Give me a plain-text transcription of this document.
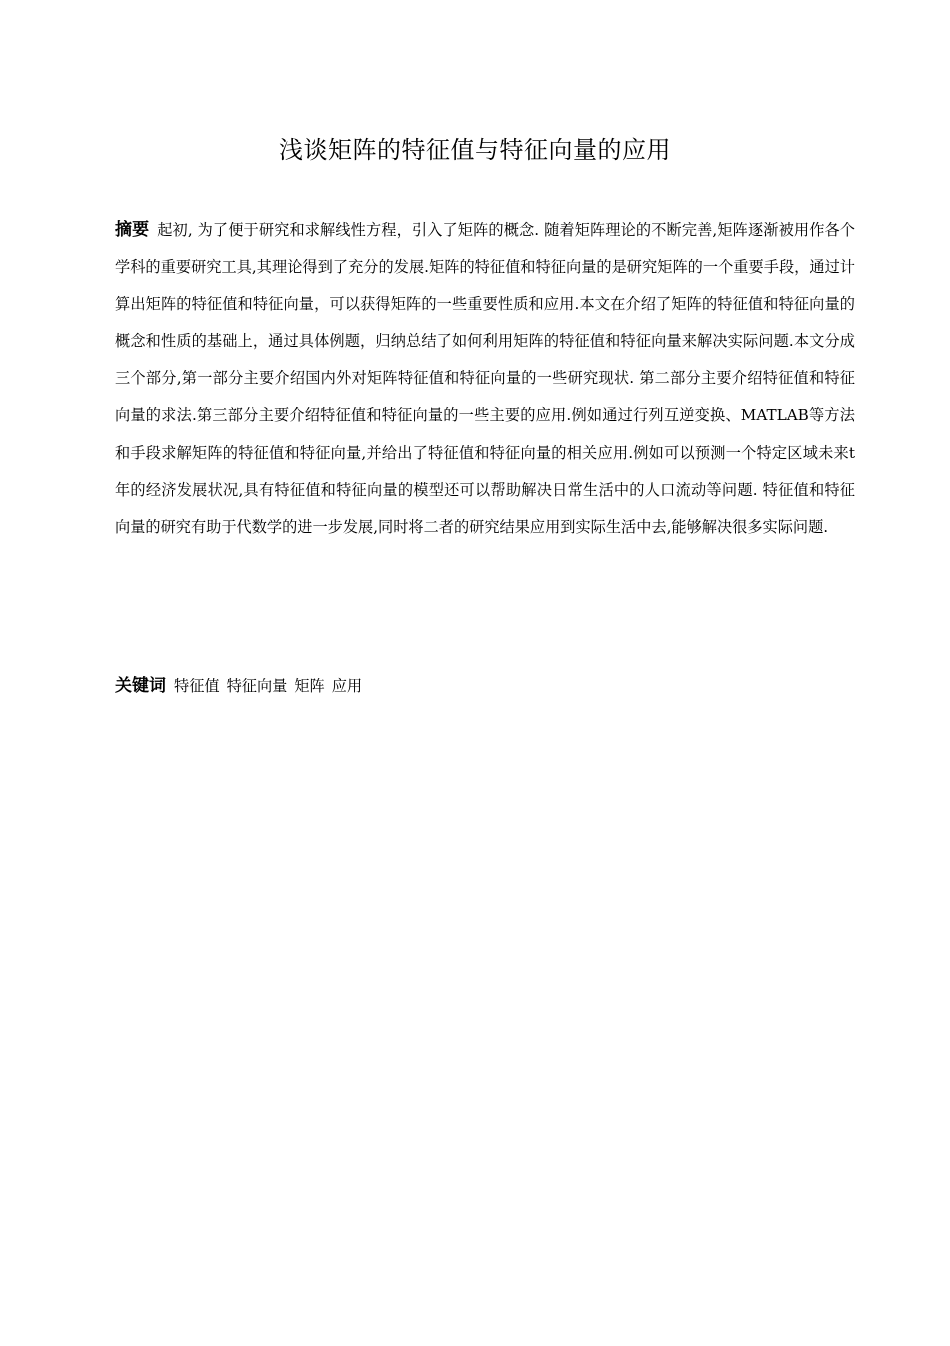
浅谈矩阵的特征值与特征向量的应用
摘要 起初, 为了便于研究和求解线性方程，引入了矩阵的概念. 随着矩阵理论的不断完善,矩阵逐渐被用作各个学科的重要研究工具,其理论得到了充分的发展.矩阵的特征值和特征向量的是研究矩阵的一个重要手段，通过计算出矩阵的特征值和特征向量，可以获得矩阵的一些重要性质和应用.本文在介绍了矩阵的特征值和特征向量的概念和性质的基础上，通过具体例题，归纳总结了如何利用矩阵的特征值和特征向量来解决实际问题.本文分成三个部分,第一部分主要介绍国内外对矩阵特征值和特征向量的一些研究现状. 第二部分主要介绍特征值和特征向量的求法.第三部分主要介绍特征值和特征向量的一些主要的应用.例如通过行列互逆变换、MATLAB等方法和手段求解矩阵的特征值和特征向量,并给出了特征值和特征向量的相关应用.例如可以预测一个特定区域未来t年的经济发展状况,具有特征值和特征向量的模型还可以帮助解决日常生活中的人口流动等问题. 特征值和特征向量的研究有助于代数学的进一步发展,同时将二者的研究结果应用到实际生活中去,能够解决很多实际问题.
关键词 特征值 特征向量 矩阵 应用
